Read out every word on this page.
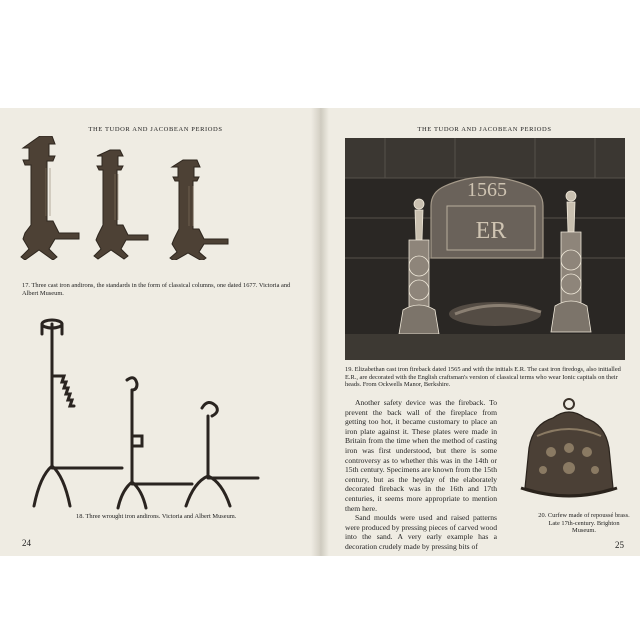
THE TUDOR AND JACOBEAN PERIODS
17. Three cast iron andirons, the standards in the form of classical columns, one dated 1677. Victoria and Albert Museum.
18. Three wrought iron andirons. Victoria and Albert Museum.
24
THE TUDOR AND JACOBEAN PERIODS
1565
ER
19. Elizabethan cast iron fireback dated 1565 and with the initials E.R. The cast iron firedogs, also initialled E.R., are decorated with the English craftsman's version of classical terms who wear Ionic capitals on their heads. From Ockwells Manor, Berkshire.

Another safety device was the fireback. To prevent the back wall of the fireplace from getting too hot, it became customary to place an iron plate against it. These plates were made in Britain from the time when the method of casting iron was first understood, but there is some controversy as to whether this was in the 14th or 15th century. Specimens are known from the 15th century, but as the heyday of the elaborately decorated fireback was in the 16th and 17th centuries, it seems more appropriate to mention them here.

Sand moulds were used and raised patterns were produced by pressing pieces of carved wood into the sand. A very early example has a decoration crudely made by pressing bits of

20. Curfew made of repoussé brass. Late 17th-century. Brighton Museum.
25
